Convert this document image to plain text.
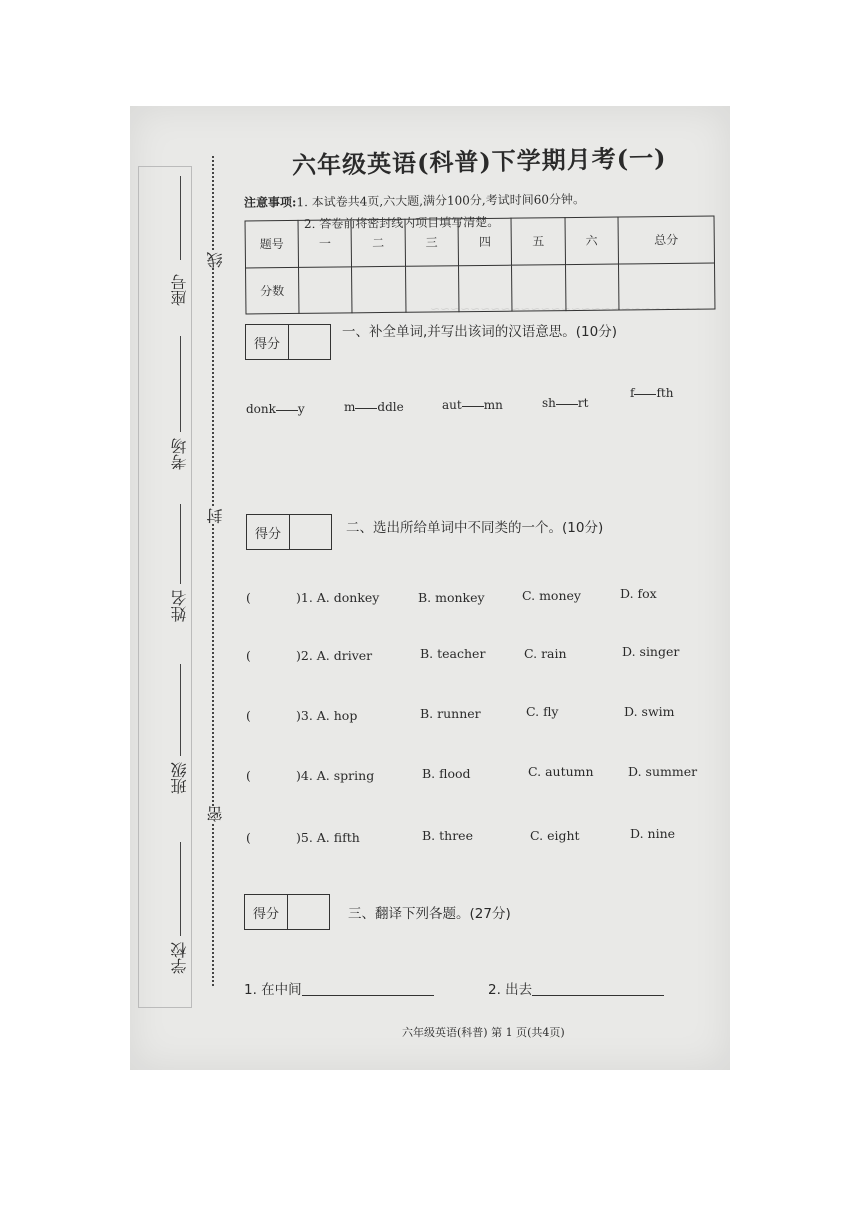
~~~~~~~~~~~~~~~~~~~~~~~~~~~
座号
考场
姓名
班级
学校
线
封
密
六年级英语(科普)下学期月考(一)
注意事项:1. 本试卷共4页,六大题,满分100分,考试时间60分钟。
2. 答卷前将密封线内项目填写清楚。
题号	一	二	三	四	五	六	总分
分数							
得分
一、补全单词,并写出该词的汉语意思。(10分)
donk y	m ddle	aut mn	sh rt
f fth
得分	二、选出所给单词中不同类的一个。(10分)
(	)1. A. donkey	B. monkey	C. money	D. fox
(	)2. A. driver	B. teacher	C. rain	D. singer
(	)3. A. hop	B. runner	C. fly	D. swim
(	)4. A. spring	B. flood	C. autumn	D. summer
(	)5. A. fifth	B. three	C. eight	D. nine
得分	三、翻译下列各题。(27分)
1. 在中间	2. 出去
六年级英语(科普) 第 1 页(共4页)
